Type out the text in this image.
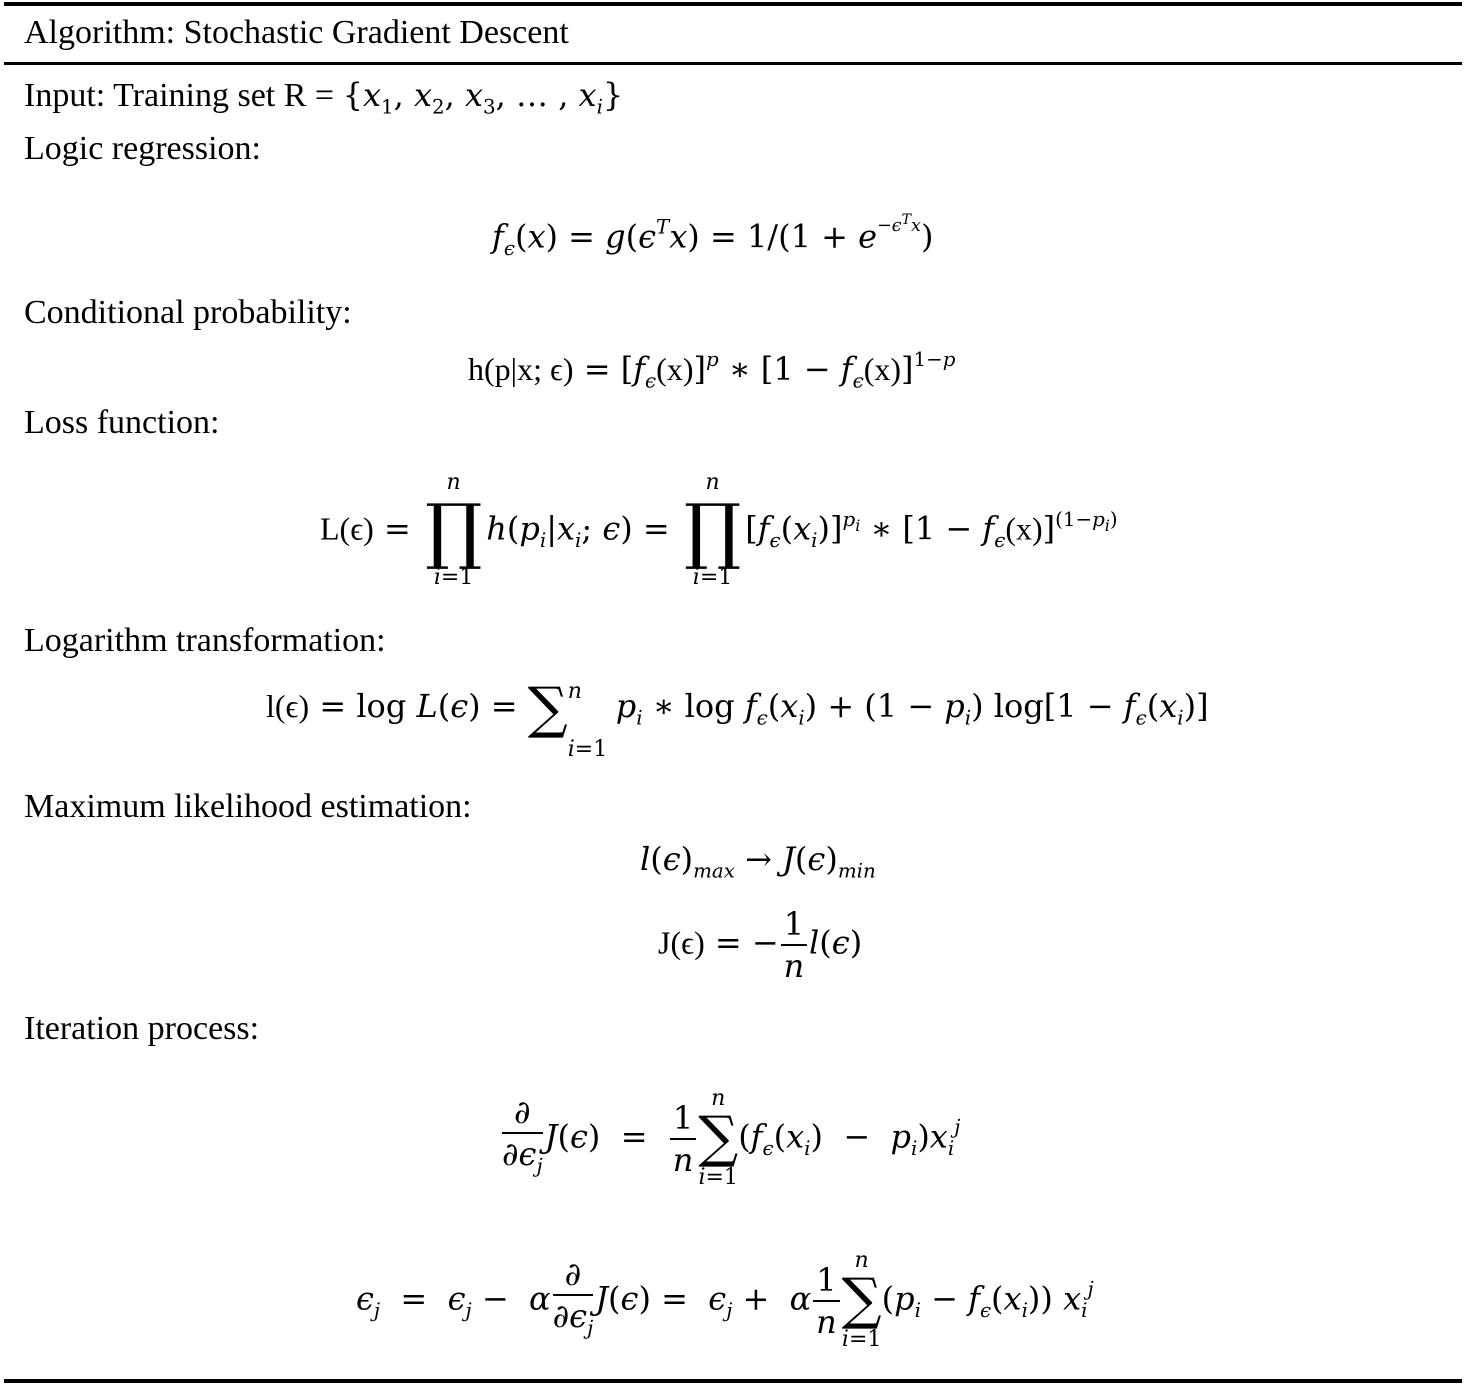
Algorithm: Stochastic Gradient Descent
Input: Training set $R = \{x_1$, $x_2$, $x_3$, … , $x_i$}
Logic regression:
$f_\epsilon(x) = g(\epsilon^Tx) = 1/(1 + e^{-\epsilon^Tx})$
Conditional probability:
h(p|x; $\epsilon) = [f_\epsilon(x)]^p$ ∗ $[1 - f_\epsilon(x)]^{1-p}$
Loss function:
L(ϵ) =
n
∏
i=1
$h(p_i|x_i$; ϵ) =
n
∏
i=1
$[f_\epsilon(x_i)]^{p_i}$ ∗ $[1 - f_\epsilon(x)]^{(1-p_i)}$
Logarithm transformation:
l(ϵ) = log L(ϵ) = ∑ n
i=1
$p_i$ ∗ $\log f_\epsilon(x_i) + (1 - p_i) \log[1 - f_\epsilon(x_i)]$
Maximum likelihood estimation:
$l(\epsilon)_{max} \to J(\epsilon)_{min}$
J(ϵ) = − $\frac{1}{n} l(\epsilon)$
Iteration process:
$\frac{\partial}{\partial\epsilon_j} J(\epsilon) = \frac{1}{n}$ n
∑
i=1
$(f_\epsilon(x_i) - p_i)x_i^j$
$\epsilon_j = \epsilon_j - \alpha \frac{\partial}{\partial\epsilon_j} J(\epsilon) = \epsilon_j + \alpha \frac{1}{n}$ n
∑
i=1
$(p_i - f_\epsilon(x_i))$ $x_i^j$
